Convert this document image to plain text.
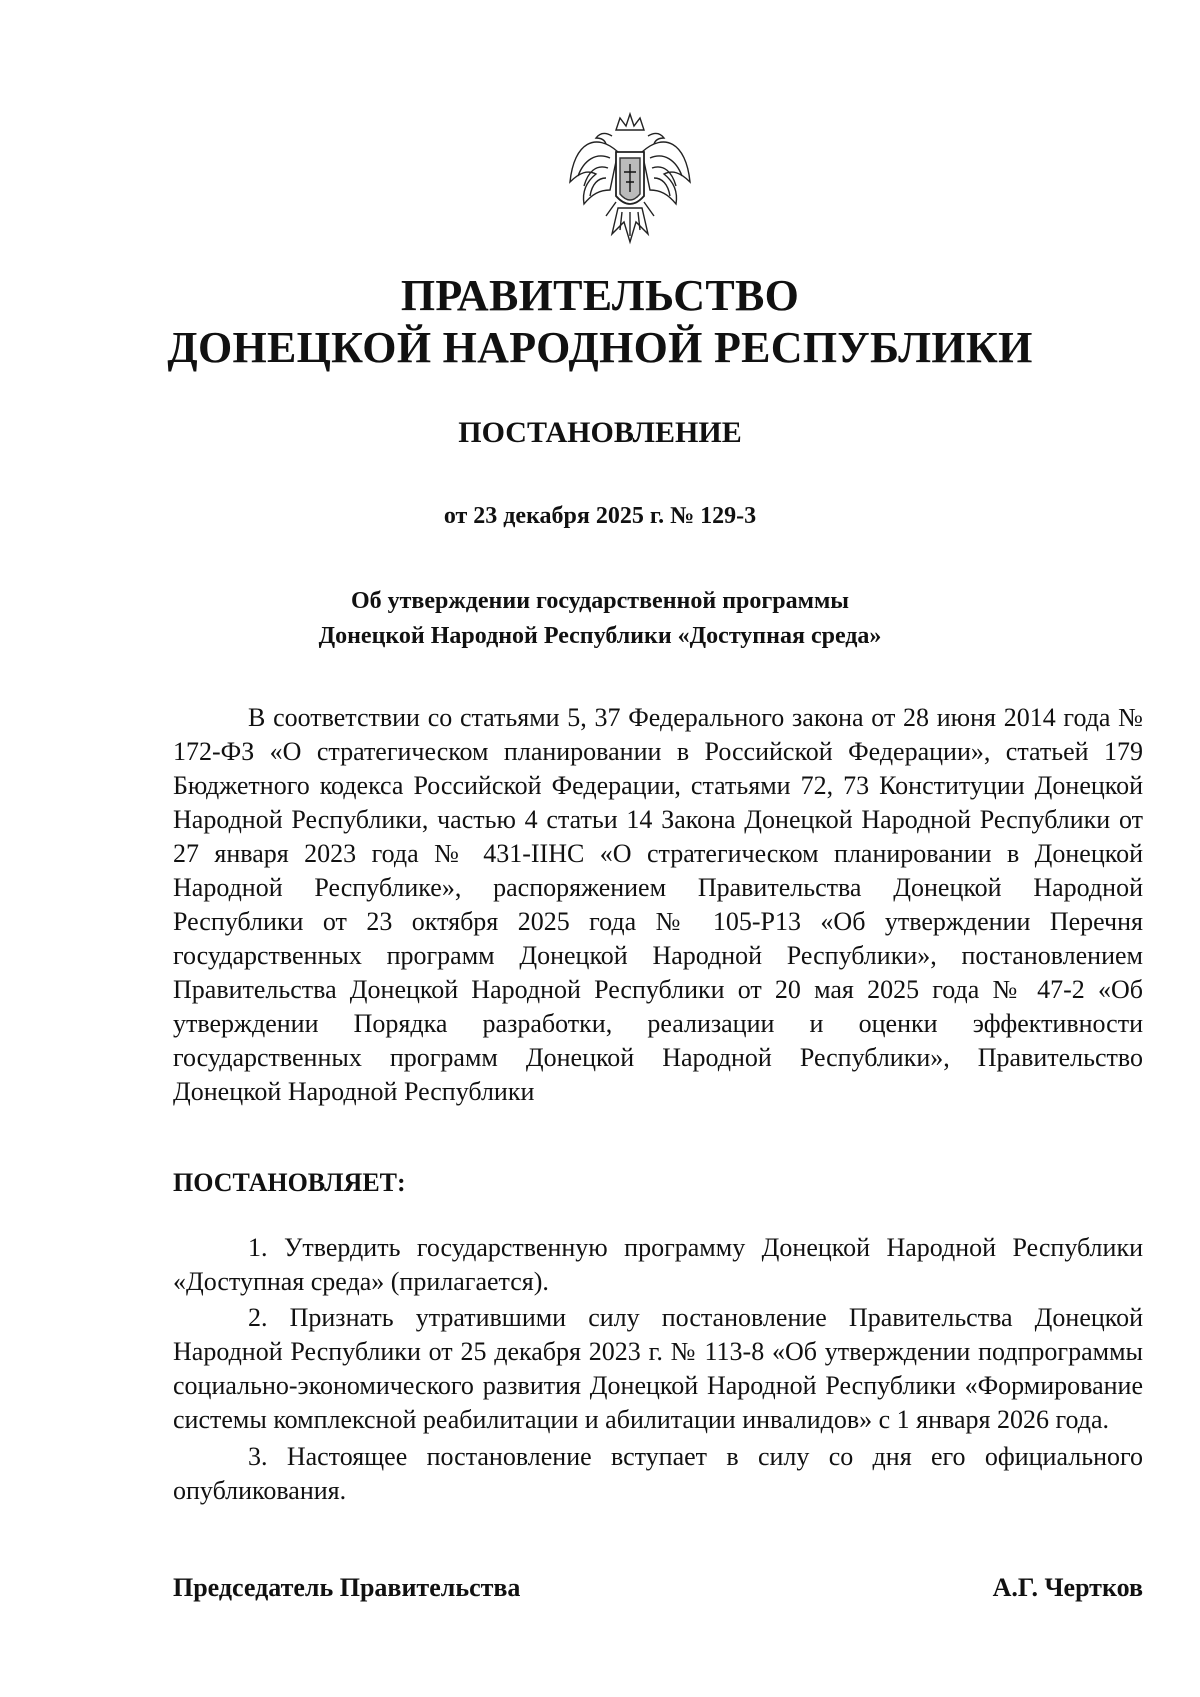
ПРАВИТЕЛЬСТВО
ДОНЕЦКОЙ НАРОДНОЙ РЕСПУБЛИКИ
ПОСТАНОВЛЕНИЕ
от 23 декабря 2025 г. № 129-3
Об утверждении государственной программы
Донецкой Народной Республики «Доступная среда»

В соответствии со статьями 5, 37 Федерального закона от 28 июня 2014 года № 172-ФЗ «О стратегическом планировании в Российской Федерации», статьей 179 Бюджетного кодекса Российской Федерации, статьями 72, 73 Конституции Донецкой Народной Республики, частью 4 статьи 14 Закона Донецкой Народной Республики от 27 января 2023 года № 431-IIНС «О стратегическом планировании в Донецкой Народной Республике», распоряжением Правительства Донецкой Народной Республики от 23 октября 2025 года № 105-Р13 «Об утверждении Перечня государственных программ Донецкой Народной Республики», постановлением Правительства Донецкой Народной Республики от 20 мая 2025 года № 47-2 «Об утверждении Порядка разработки, реализации и оценки эффективности государственных программ Донецкой Народной Республики», Правительство Донецкой Народной Республики

ПОСТАНОВЛЯЕТ:

1. Утвердить государственную программу Донецкой Народной Республики «Доступная среда» (прилагается).

2. Признать утратившими силу постановление Правительства Донецкой Народной Республики от 25 декабря 2023 г. № 113-8 «Об утверждении подпрограммы социально-экономического развития Донецкой Народной Республики «Формирование системы комплексной реабилитации и абилитации инвалидов» с 1 января 2026 года.

3. Настоящее постановление вступает в силу со дня его официального опубликования.

Председатель Правительства	А.Г. Чертков
